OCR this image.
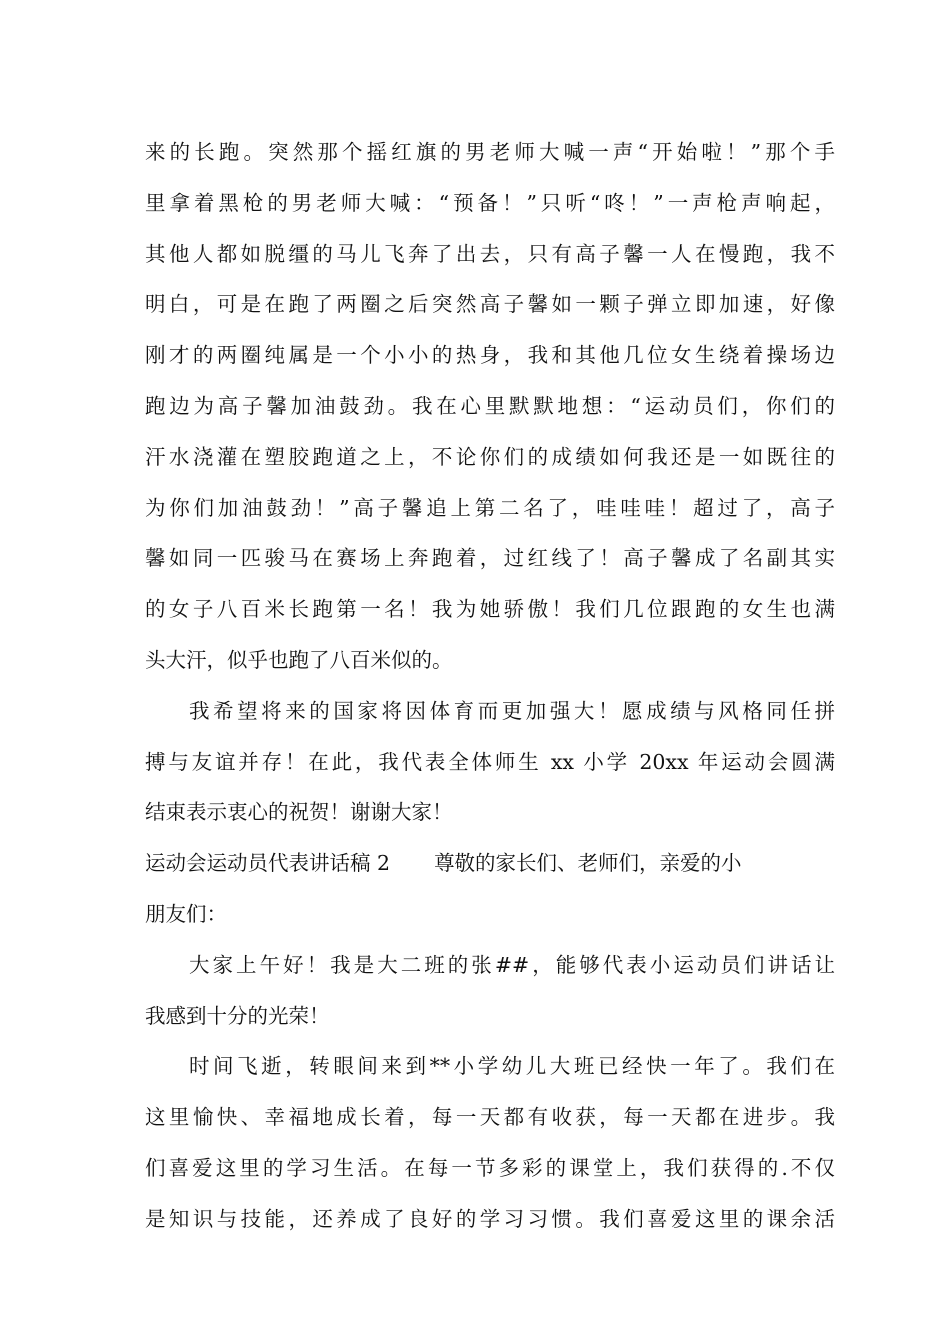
来的长跑。突然那个摇红旗的男老师大喊一声“开始啦！”那个手
里拿着黑枪的男老师大喊：“预备！”只听“咚！”一声枪声响起，
其他人都如脱缰的马儿飞奔了出去，只有高子馨一人在慢跑，我不
明白，可是在跑了两圈之后突然高子馨如一颗子弹立即加速，好像
刚才的两圈纯属是一个小小的热身，我和其他几位女生绕着操场边
跑边为高子馨加油鼓劲。我在心里默默地想：“运动员们，你们的
汗水浇灌在塑胶跑道之上，不论你们的成绩如何我还是一如既往的
为你们加油鼓劲！”高子馨追上第二名了，哇哇哇！超过了，高子
馨如同一匹骏马在赛场上奔跑着，过红线了！高子馨成了名副其实
的女子八百米长跑第一名！我为她骄傲！我们几位跟跑的女生也满
头大汗，似乎也跑了八百米似的。
我希望将来的国家将因体育而更加强大！愿成绩与风格同任拼
搏与友谊并存！在此，我代表全体师生 xx 小学 20xx 年运动会圆满
结束表示衷心的祝贺！谢谢大家！
运动会运动员代表讲话稿 2 尊敬的家长们、老师们，亲爱的小
朋友们：
大家上午好！我是大二班的张##，能够代表小运动员们讲话让
我感到十分的光荣！
时间飞逝，转眼间来到**小学幼儿大班已经快一年了。我们在
这里愉快、幸福地成长着，每一天都有收获，每一天都在进步。我
们喜爱这里的学习生活。在每一节多彩的课堂上，我们获得的.不仅
是知识与技能，还养成了良好的学习习惯。我们喜爱这里的课余活
